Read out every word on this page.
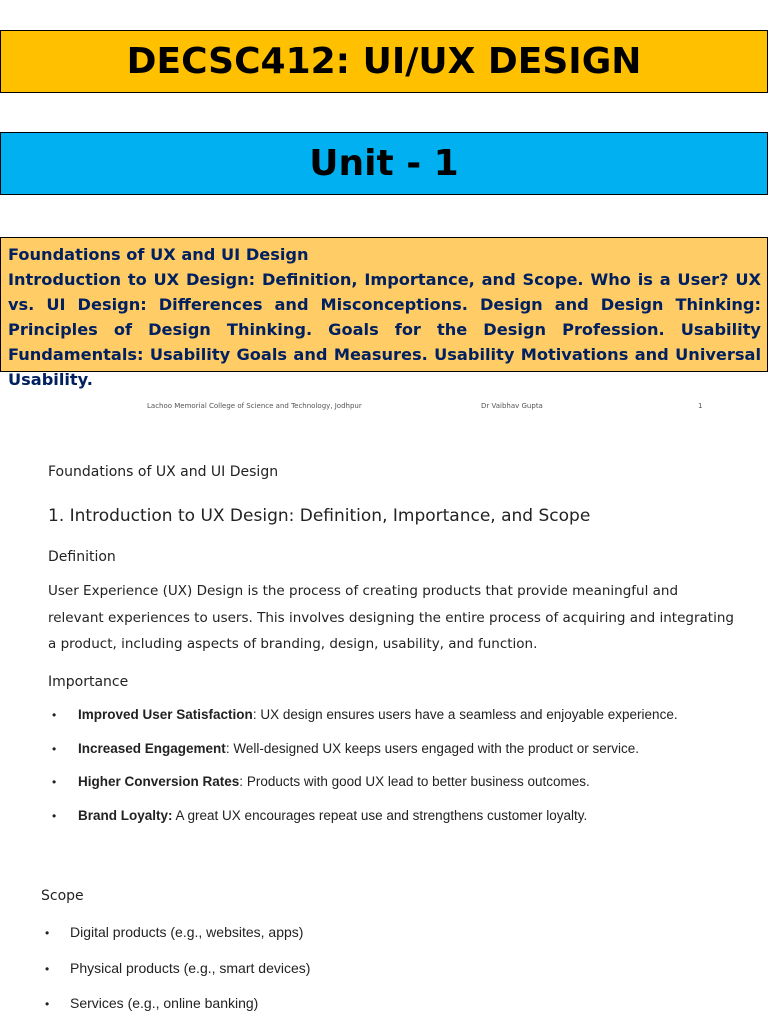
DECSC412: UI/UX DESIGN
Unit - 1
Foundations of UX and UI Design
Introduction to UX Design: Definition, Importance, and Scope. Who is a User? UX vs. UI Design: Differences and Misconceptions. Design and Design Thinking: Principles of Design Thinking. Goals for the Design Profession. Usability Fundamentals: Usability Goals and Measures. Usability Motivations and Universal Usability.
Lachoo Memorial College of Science and Technology, Jodhpur	Dr Vaibhav Gupta	1
Foundations of UX and UI Design
1. Introduction to UX Design: Definition, Importance, and Scope
Definition
User Experience (UX) Design is the process of creating products that provide meaningful and relevant experiences to users. This involves designing the entire process of acquiring and integrating a product, including aspects of branding, design, usability, and function.
Importance
• Improved User Satisfaction: UX design ensures users have a seamless and enjoyable experience.
• Increased Engagement: Well-designed UX keeps users engaged with the product or service.
• Higher Conversion Rates: Products with good UX lead to better business outcomes.
• Brand Loyalty: A great UX encourages repeat use and strengthens customer loyalty.
Scope
• Digital products (e.g., websites, apps)
• Physical products (e.g., smart devices)
• Services (e.g., online banking)
